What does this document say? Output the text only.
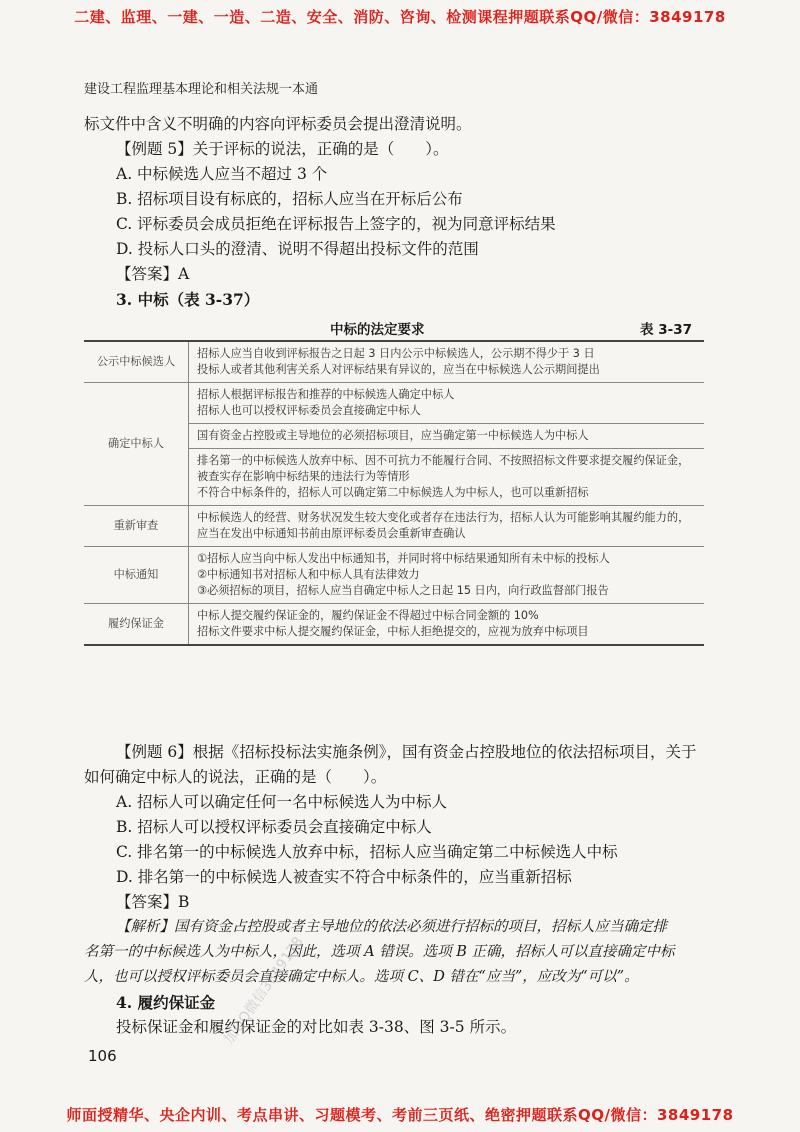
二建、监理、一建、一造、二造、安全、消防、咨询、检测课程押题联系QQ/微信：3849178
建设工程监理基本理论和相关法规一本通
标文件中含义不明确的内容向评标委员会提出澄清说明。
【例题 5】关于评标的说法，正确的是（　　）。
A. 中标候选人应当不超过 3 个
B. 招标项目设有标底的，招标人应当在开标后公布
C. 评标委员会成员拒绝在评标报告上签字的，视为同意评标结果
D. 投标人口头的澄清、说明不得超出投标文件的范围
【答案】A
3. 中标（表 3-37）
中标的法定要求	表 3-37
公示中标候选人	招标人应当自收到评标报告之日起 3 日内公示中标候选人，公示期不得少于 3 日
投标人或者其他利害关系人对评标结果有异议的，应当在中标候选人公示期间提出

确定中标人	招标人根据评标报告和推荐的中标候选人确定中标人
招标人也可以授权评标委员会直接确定中标人

	国有资金占控股或主导地位的必须招标项目，应当确定第一中标候选人为中标人

	排名第一的中标候选人放弃中标、因不可抗力不能履行合同、不按照招标文件要求提交履约保证金，被查实存在影响中标结果的违法行为等情形
不符合中标条件的，招标人可以确定第二中标候选人为中标人，也可以重新招标

重新审查	中标候选人的经营、财务状况发生较大变化或者存在违法行为，招标人认为可能影响其履约能力的，应当在发出中标通知书前由原评标委员会重新审查确认

中标通知	①招标人应当向中标人发出中标通知书，并同时将中标结果通知所有未中标的投标人
②中标通知书对招标人和中标人具有法律效力
③必须招标的项目，招标人应当自确定中标人之日起 15 日内，向行政监督部门报告

履约保证金	中标人提交履约保证金的，履约保证金不得超过中标合同金额的 10%
招标文件要求中标人提交履约保证金，中标人拒绝提交的，应视为放弃中标项目
【例题 6】根据《招标投标法实施条例》，国有资金占控股地位的依法招标项目，关于
如何确定中标人的说法，正确的是（　　）。
A. 招标人可以确定任何一名中标候选人为中标人
B. 招标人可以授权评标委员会直接确定中标人
C. 排名第一的中标候选人放弃中标，招标人应当确定第二中标候选人中标
D. 排名第一的中标候选人被查实不符合中标条件的，应当重新招标
【答案】B
【解析】国有资金占控股或者主导地位的依法必须进行招标的项目，招标人应当确定排
名第一的中标候选人为中标人，因此，选项 A 错误。选项 B 正确，招标人可以直接确定中标
人，也可以授权评标委员会直接确定中标人。选项 C、D 错在“应当”，应改为“可以”。
4. 履约保证金
投标保证金和履约保证金的对比如表 3-38、图 3-5 所示。
106
师面授精华、央企内训、考点串讲、习题模考、考前三页纸、绝密押题联系QQ/微信：3849178
加QQ微信3849178
